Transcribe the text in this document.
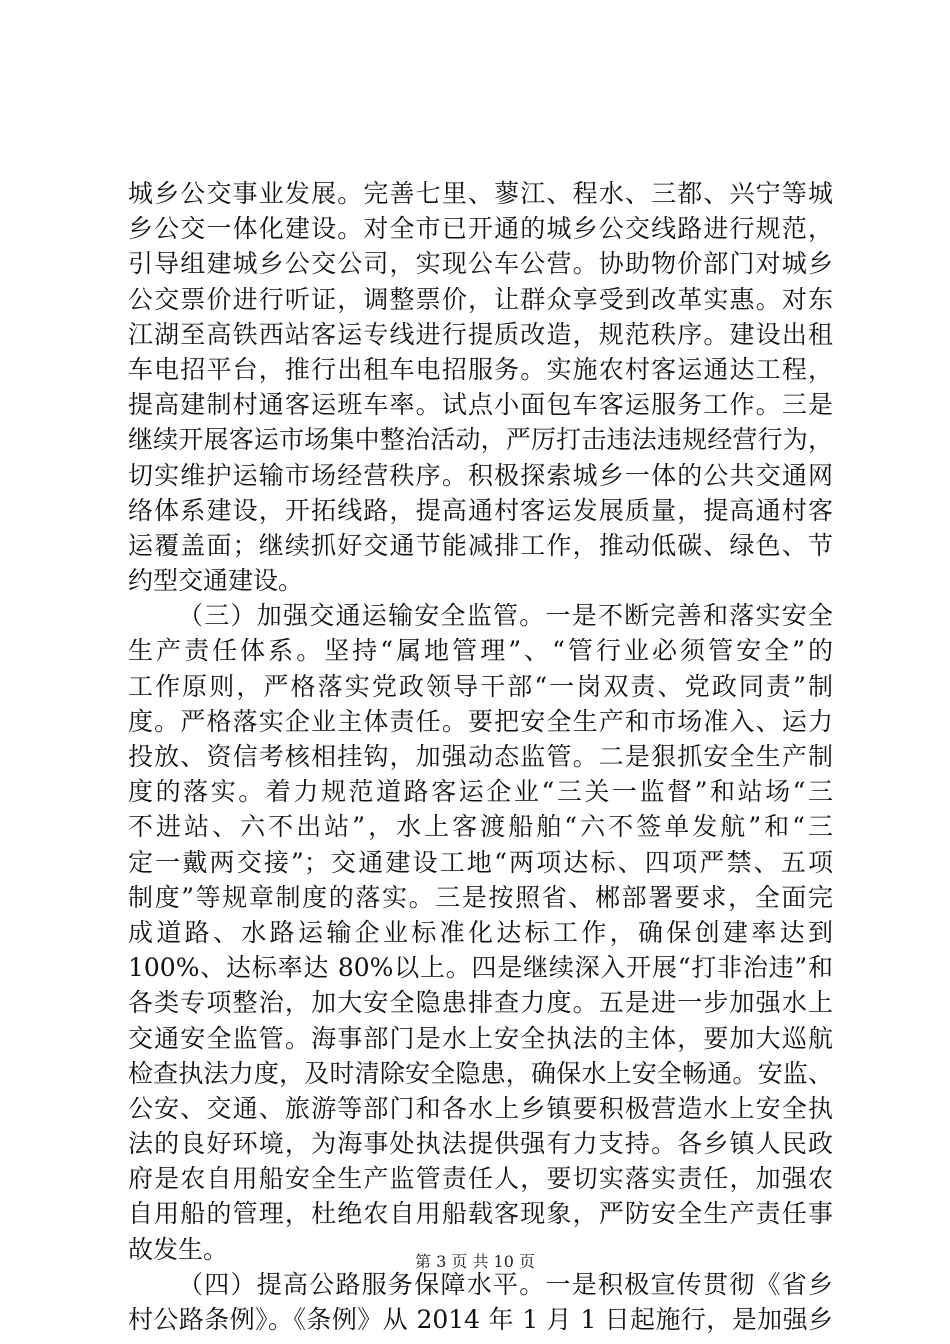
城乡公交事业发展。完善七里、蓼江、程水、三都、兴宁等城
乡公交一体化建设。对全市已开通的城乡公交线路进行规范，
引导组建城乡公交公司，实现公车公营。协助物价部门对城乡
公交票价进行听证，调整票价，让群众享受到改革实惠。对东
江湖至高铁西站客运专线进行提质改造，规范秩序。建设出租
车电招平台，推行出租车电招服务。实施农村客运通达工程，
提高建制村通客运班车率。试点小面包车客运服务工作。三是
继续开展客运市场集中整治活动，严厉打击违法违规经营行为，
切实维护运输市场经营秩序。积极探索城乡一体的公共交通网
络体系建设，开拓线路，提高通村客运发展质量，提高通村客
运覆盖面；继续抓好交通节能减排工作，推动低碳、绿色、节
约型交通建设。
（三）加强交通运输安全监管。一是不断完善和落实安全
生产责任体系。坚持“属地管理”、“管行业必须管安全”的
工作原则，严格落实党政领导干部“一岗双责、党政同责”制
度。严格落实企业主体责任。要把安全生产和市场准入、运力
投放、资信考核相挂钩，加强动态监管。二是狠抓安全生产制
度的落实。着力规范道路客运企业“三关一监督”和站场“三
不进站、六不出站”，水上客渡船舶“六不签单发航”和“三
定一戴两交接”；交通建设工地“两项达标、四项严禁、五项
制度”等规章制度的落实。三是按照省、郴部署要求，全面完
成道路、水路运输企业标准化达标工作，确保创建率达到
100%、达标率达 80%以上。四是继续深入开展“打非治违”和
各类专项整治，加大安全隐患排查力度。五是进一步加强水上
交通安全监管。海事部门是水上安全执法的主体，要加大巡航
检查执法力度，及时清除安全隐患，确保水上安全畅通。安监、
公安、交通、旅游等部门和各水上乡镇要积极营造水上安全执
法的良好环境，为海事处执法提供强有力支持。各乡镇人民政
府是农自用船安全生产监管责任人，要切实落实责任，加强农
自用船的管理，杜绝农自用船载客现象，严防安全生产责任事
故发生。
（四）提高公路服务保障水平。一是积极宣传贯彻《省乡
村公路条例》。《条例》从 2014 年 1 月 1 日起施行，是加强乡
第 3 页 共 10 页
